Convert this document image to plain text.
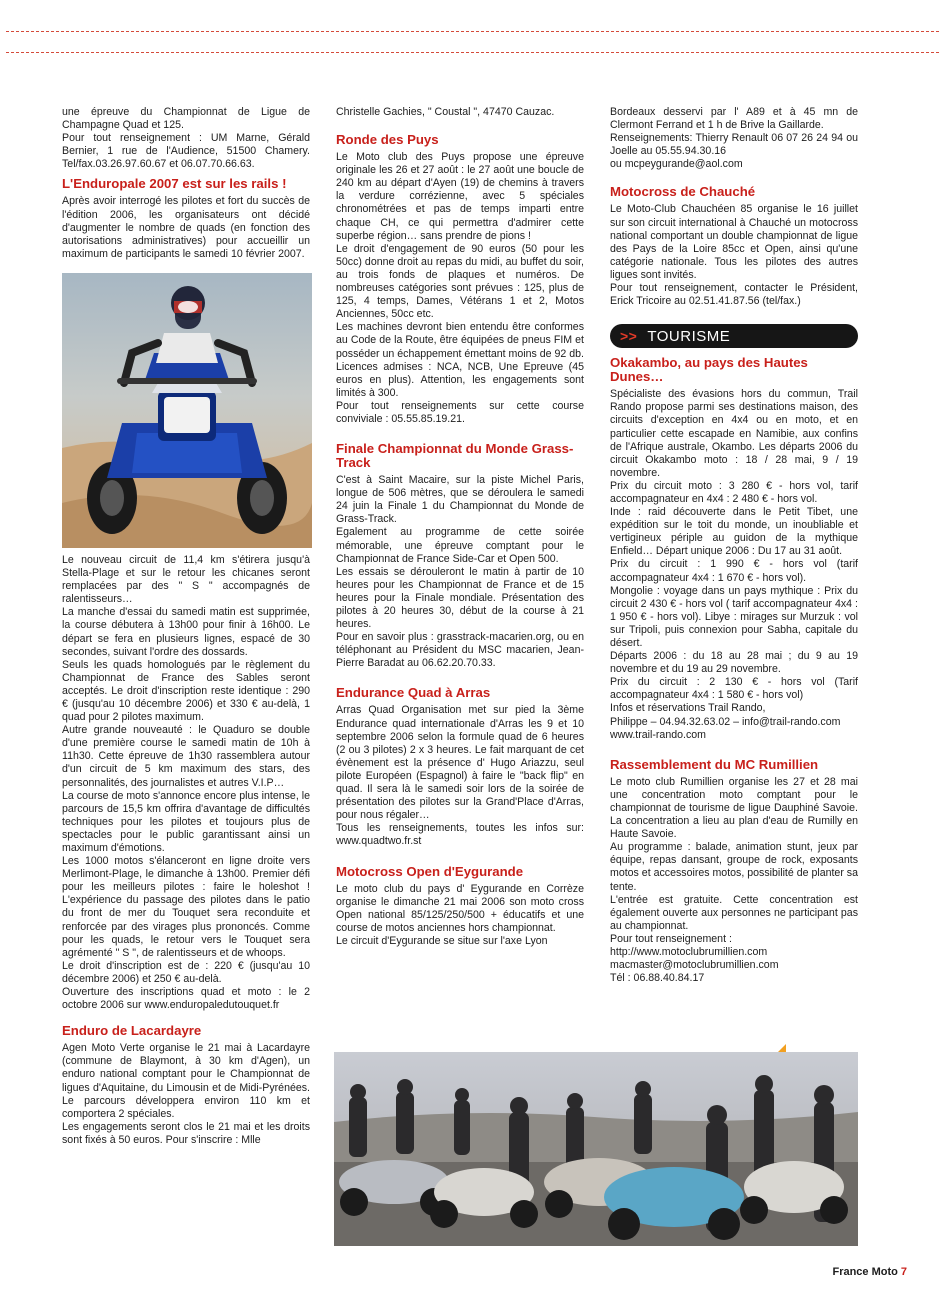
une épreuve du Championnat de Ligue de Champagne Quad et 125.

Pour tout renseignement : UM Marne, Gérald Bernier, 1 rue de l'Audience, 51500 Chamery. Tel/fax.03.26.97.60.67 et 06.07.70.66.63.

L'Enduropale 2007 est sur les rails !

Après avoir interrogé les pilotes et fort du succès de l'édition 2006, les organisateurs ont décidé d'augmenter le nombre de quads (en fonction des autorisations administratives) pour accueillir un maximum de participants le samedi 10 février 2007.

Le nouveau circuit de 11,4 km s'étirera jusqu'à Stella-Plage et sur le retour les chicanes seront remplacées par des " S " accompagnés de ralentisseurs…

La manche d'essai du samedi matin est supprimée, la course débutera à 13h00 pour finir à 16h00. Le départ se fera en plusieurs lignes, espacé de 30 secondes, suivant l'ordre des dossards.

Seuls les quads homologués par le règlement du Championnat de France des Sables seront acceptés. Le droit d'inscription reste identique : 290 € (jusqu'au 10 décembre 2006) et 330 € au-delà, 1 quad pour 2 pilotes maximum.

Autre grande nouveauté : le Quaduro se double d'une première course le samedi matin de 10h à 11h30. Cette épreuve de 1h30 rassemblera autour d'un circuit de 5 km maximum des stars, des personnalités, des journalistes et autres V.I.P…

La course de moto s'annonce encore plus intense, le parcours de 15,5 km offrira d'avantage de difficultés techniques pour les pilotes et toujours plus de spectacles pour le public garantissant ainsi un maximum d'émotions.

Les 1000 motos s'élanceront en ligne droite vers Merlimont-Plage, le dimanche à 13h00. Premier défi pour les meilleurs pilotes : faire le holeshot ! L'expérience du passage des pilotes dans le patio du front de mer du Touquet sera reconduite et renforcée par des virages plus prononcés. Comme pour les quads, le retour vers le Touquet sera agrémenté " S ", de ralentisseurs et de whoops.

Le droit d'inscription est de : 220 € (jusqu'au 10 décembre 2006) et 250 € au-delà.

Ouverture des inscriptions quad et moto : le 2 octobre 2006 sur www.enduropaledutouquet.fr

Enduro de Lacardayre

Agen Moto Verte organise le 21 mai à Lacardayre (commune de Blaymont, à 30 km d'Agen), un enduro national comptant pour le Championnat de ligues d'Aquitaine, du Limousin et de Midi-Pyrénées. Le parcours développera environ 110 km et comportera 2 spéciales.

Les engagements seront clos le 21 mai et les droits sont fixés à 50 euros. Pour s'inscrire : Mlle

Christelle Gachies, " Coustal ", 47470 Cauzac.

Ronde des Puys

Le Moto club des Puys propose une épreuve originale les 26 et 27 août : le 27 août une boucle de 240 km au départ d'Ayen (19) de chemins à travers la verdure corrézienne, avec 5 spéciales chronométrées et pas de temps imparti entre chaque CH, ce qui permettra d'admirer cette superbe région… sans prendre de pions !

Le droit d'engagement de 90 euros (50 pour les 50cc) donne droit au repas du midi, au buffet du soir, au trois fonds de plaques et numéros. De nombreuses catégories sont prévues : 125, plus de 125, 4 temps, Dames, Vétérans 1 et 2, Motos Anciennes, 50cc etc.

Les machines devront bien entendu être conformes au Code de la Route, être équipées de pneus FIM et posséder un échappement émettant moins de 92 db.

Licences admises : NCA, NCB, Une Epreuve (45 euros en plus). Attention, les engagements sont limités à 300.

Pour tout renseignements sur cette course conviviale : 05.55.85.19.21.

Finale Championnat du Monde Grass-Track

C'est à Saint Macaire, sur la piste Michel Paris, longue de 506 mètres, que se déroulera le samedi 24 juin la Finale 1 du Championnat du Monde de Grass-Track.

Egalement au programme de cette soirée mémorable, une épreuve comptant pour le Championnat de France Side-Car et Open 500.

Les essais se dérouleront le matin à partir de 10 heures pour les Championnat de France et de 15 heures pour la Finale mondiale. Présentation des pilotes à 20 heures 30, début de la course à 21 heures.

Pour en savoir plus : grasstrack-macarien.org, ou en téléphonant au Président du MSC macarien, Jean-Pierre Baradat au 06.62.20.70.33.

Endurance Quad à Arras

Arras Quad Organisation met sur pied la 3ème Endurance quad internationale d'Arras les 9 et 10 septembre 2006 selon la formule quad de 6 heures (2 ou 3 pilotes) 2 x 3 heures. Le fait marquant de cet évènement est la présence d' Hugo Ariazzu, seul pilote Européen (Espagnol) à faire le "back flip" en quad. Il sera là le samedi soir lors de la soirée de présentation des pilotes sur la Grand'Place d'Arras, pour nous régaler…

Tous les renseignements, toutes les infos sur: www.quadtwo.fr.st

Motocross Open d'Eygurande

Le moto club du pays d' Eygurande en Corrèze organise le dimanche 21 mai 2006 son moto cross Open national 85/125/250/500 + éducatifs et une course de motos anciennes hors championnat.

Le circuit d'Eygurande se situe sur l'axe Lyon

Bordeaux desservi par l' A89 et à 45 mn de Clermont Ferrand et 1 h de Brive la Gaillarde.

Renseignements: Thierry Renault 06 07 26 24 94 ou Joelle au 05.55.94.30.16

ou mcpeygurande@aol.com

Motocross de Chauché

Le Moto-Club Chauchéen 85 organise le 16 juillet sur son circuit international à Chauché un motocross national comportant un double championnat de ligue des Pays de la Loire 85cc et Open, ainsi qu'une catégorie nationale. Tous les pilotes des autres ligues sont invités.

Pour tout renseignement, contacter le Président, Erick Tricoire au 02.51.41.87.56 (tel/fax.)

>> TOURISME
Okakambo, au pays des Hautes Dunes…

Spécialiste des évasions hors du commun, Trail Rando propose parmi ses destinations maison, des circuits d'exception en 4x4 ou en moto, et en particulier cette escapade en Namibie, aux confins de l'Afrique australe, Okambo. Les départs 2006 du circuit Okakambo moto : 18 / 28 mai, 9 / 19 novembre.

Prix du circuit moto : 3 280 € - hors vol, tarif accompagnateur en 4x4 : 2 480 € - hors vol.

Inde : raid découverte dans le Petit Tibet, une expédition sur le toit du monde, un inoubliable et vertigineux périple au guidon de la mythique Enfield… Départ unique 2006 : Du 17 au 31 août.

Prix du circuit : 1 990 € - hors vol (tarif accompagnateur 4x4 : 1 670 € - hors vol).

Mongolie : voyage dans un pays mythique : Prix du circuit 2 430 € - hors vol ( tarif accompagnateur 4x4 : 1 950 € - hors vol). Libye : mirages sur Murzuk : vol sur Tripoli, puis connexion pour Sabha, capitale du désert.

Départs 2006 : du 18 au 28 mai ; du 9 au 19 novembre et du 19 au 29 novembre.

Prix du circuit : 2 130 € - hors vol (Tarif accompagnateur 4x4 : 1 580 € - hors vol)

Infos et réservations Trail Rando,

Philippe – 04.94.32.63.02 – info@trail-rando.com

www.trail-rando.com

Rassemblement du MC Rumillien

Le moto club Rumillien organise les 27 et 28 mai une concentration moto comptant pour le championnat de tourisme de ligue Dauphiné Savoie. La concentration a lieu au plan d'eau de Rumilly en Haute Savoie.

Au programme : balade, animation stunt, jeux par équipe, repas dansant, groupe de rock, exposants motos et accessoires motos, possibilité de planter sa tente.

L'entrée est gratuite. Cette concentration est également ouverte aux personnes ne participant pas au championnat.

Pour tout renseignement :

http://www.motoclubrumillien.com

macmaster@motoclubrumillien.com

Tél : 06.88.40.84.17

France Moto 7
